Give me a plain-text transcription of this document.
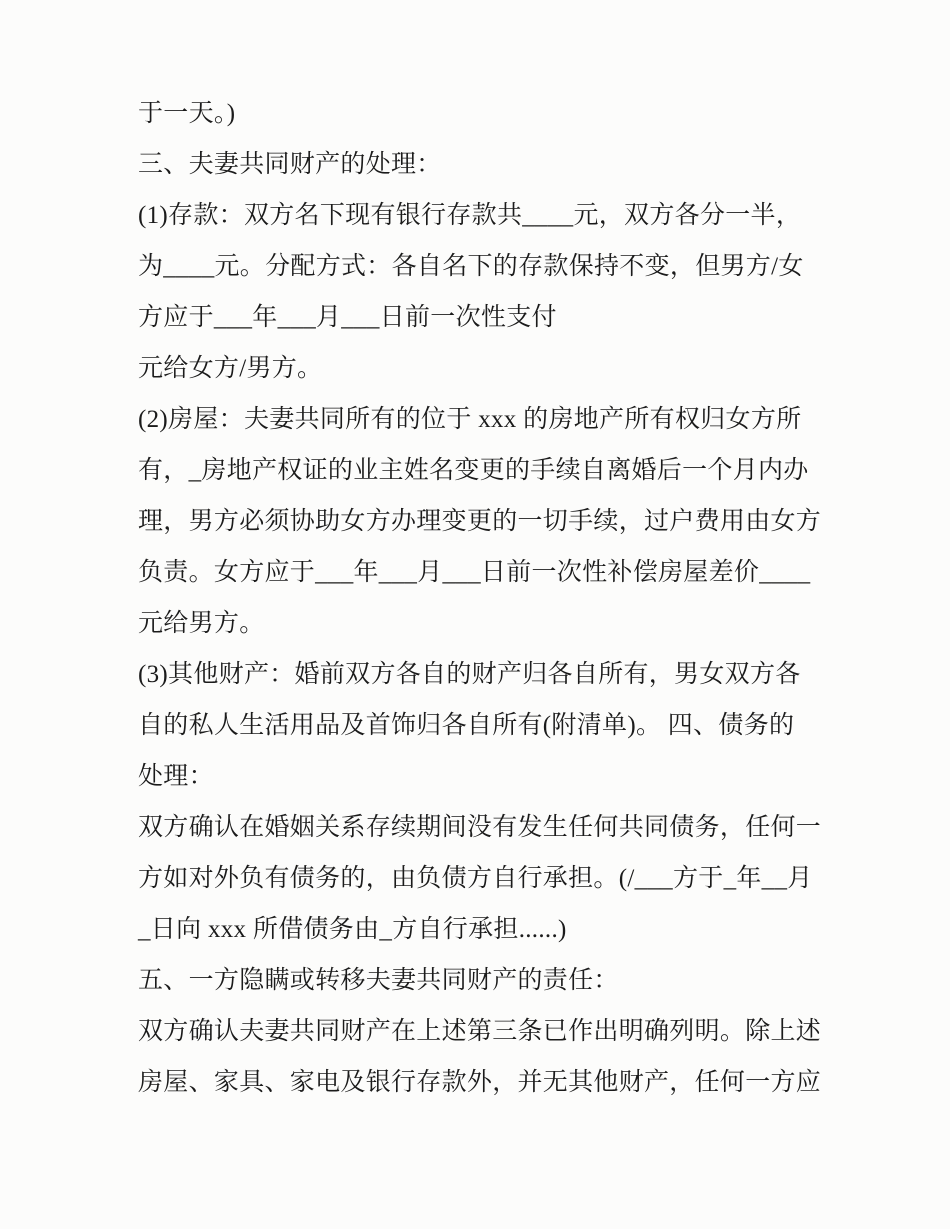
于一天。)
三、夫妻共同财产的处理：
(1)存款：双方名下现有银行存款共____元，双方各分一半，
为____元。分配方式：各自名下的存款保持不变，但男方/女
方应于___年___月___日前一次性支付
元给女方/男方。
(2)房屋：夫妻共同所有的位于 xxx 的房地产所有权归女方所
有，_房地产权证的业主姓名变更的手续自离婚后一个月内办
理，男方必须协助女方办理变更的一切手续，过户费用由女方
负责。女方应于___年___月___日前一次性补偿房屋差价____
元给男方。
(3)其他财产：婚前双方各自的财产归各自所有，男女双方各
自的私人生活用品及首饰归各自所有(附清单)。 四、债务的
处理：
双方确认在婚姻关系存续期间没有发生任何共同债务，任何一
方如对外负有债务的，由负债方自行承担。(/___方于_年__月
_日向 xxx 所借债务由_方自行承担......)
五、一方隐瞒或转移夫妻共同财产的责任：
双方确认夫妻共同财产在上述第三条已作出明确列明。除上述
房屋、家具、家电及银行存款外，并无其他财产，任何一方应
